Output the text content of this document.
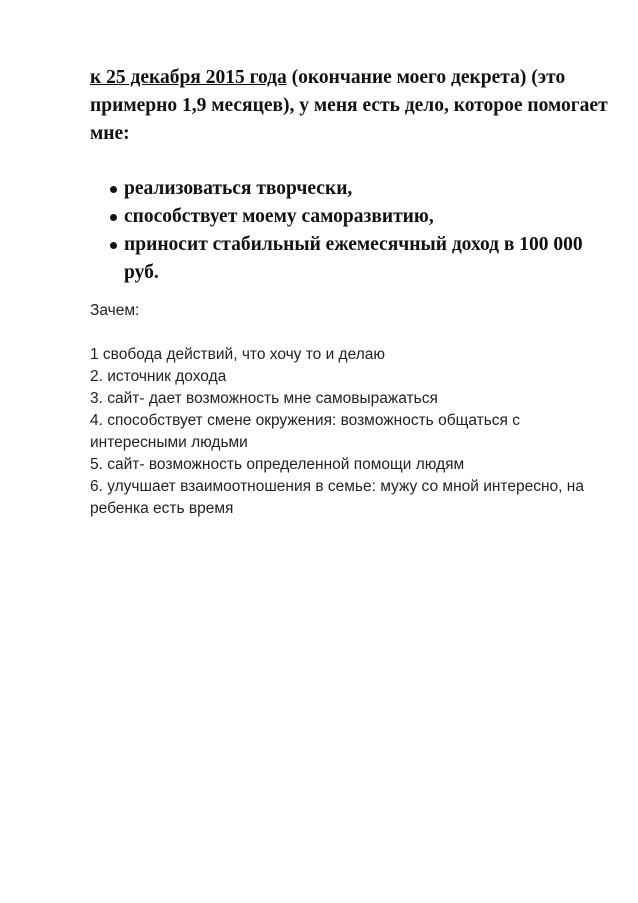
к 25 декабря 2015 года (окончание моего декрета) (это примерно 1,9 месяцев), у меня есть дело, которое помогает мне:

реализоваться творчески,
способствует моему саморазвитию,
приносит стабильный ежемесячный доход в 100 000 руб.

Зачем:

1 свобода действий, что хочу то и делаю
2. источник дохода
3. сайт- дает возможность мне самовыражаться
4. способствует смене окружения: возможность общаться с интересными людьми
5. сайт- возможность определенной помощи людям
6. улучшает взаимоотношения в семье: мужу со мной интересно, на ребенка есть время
